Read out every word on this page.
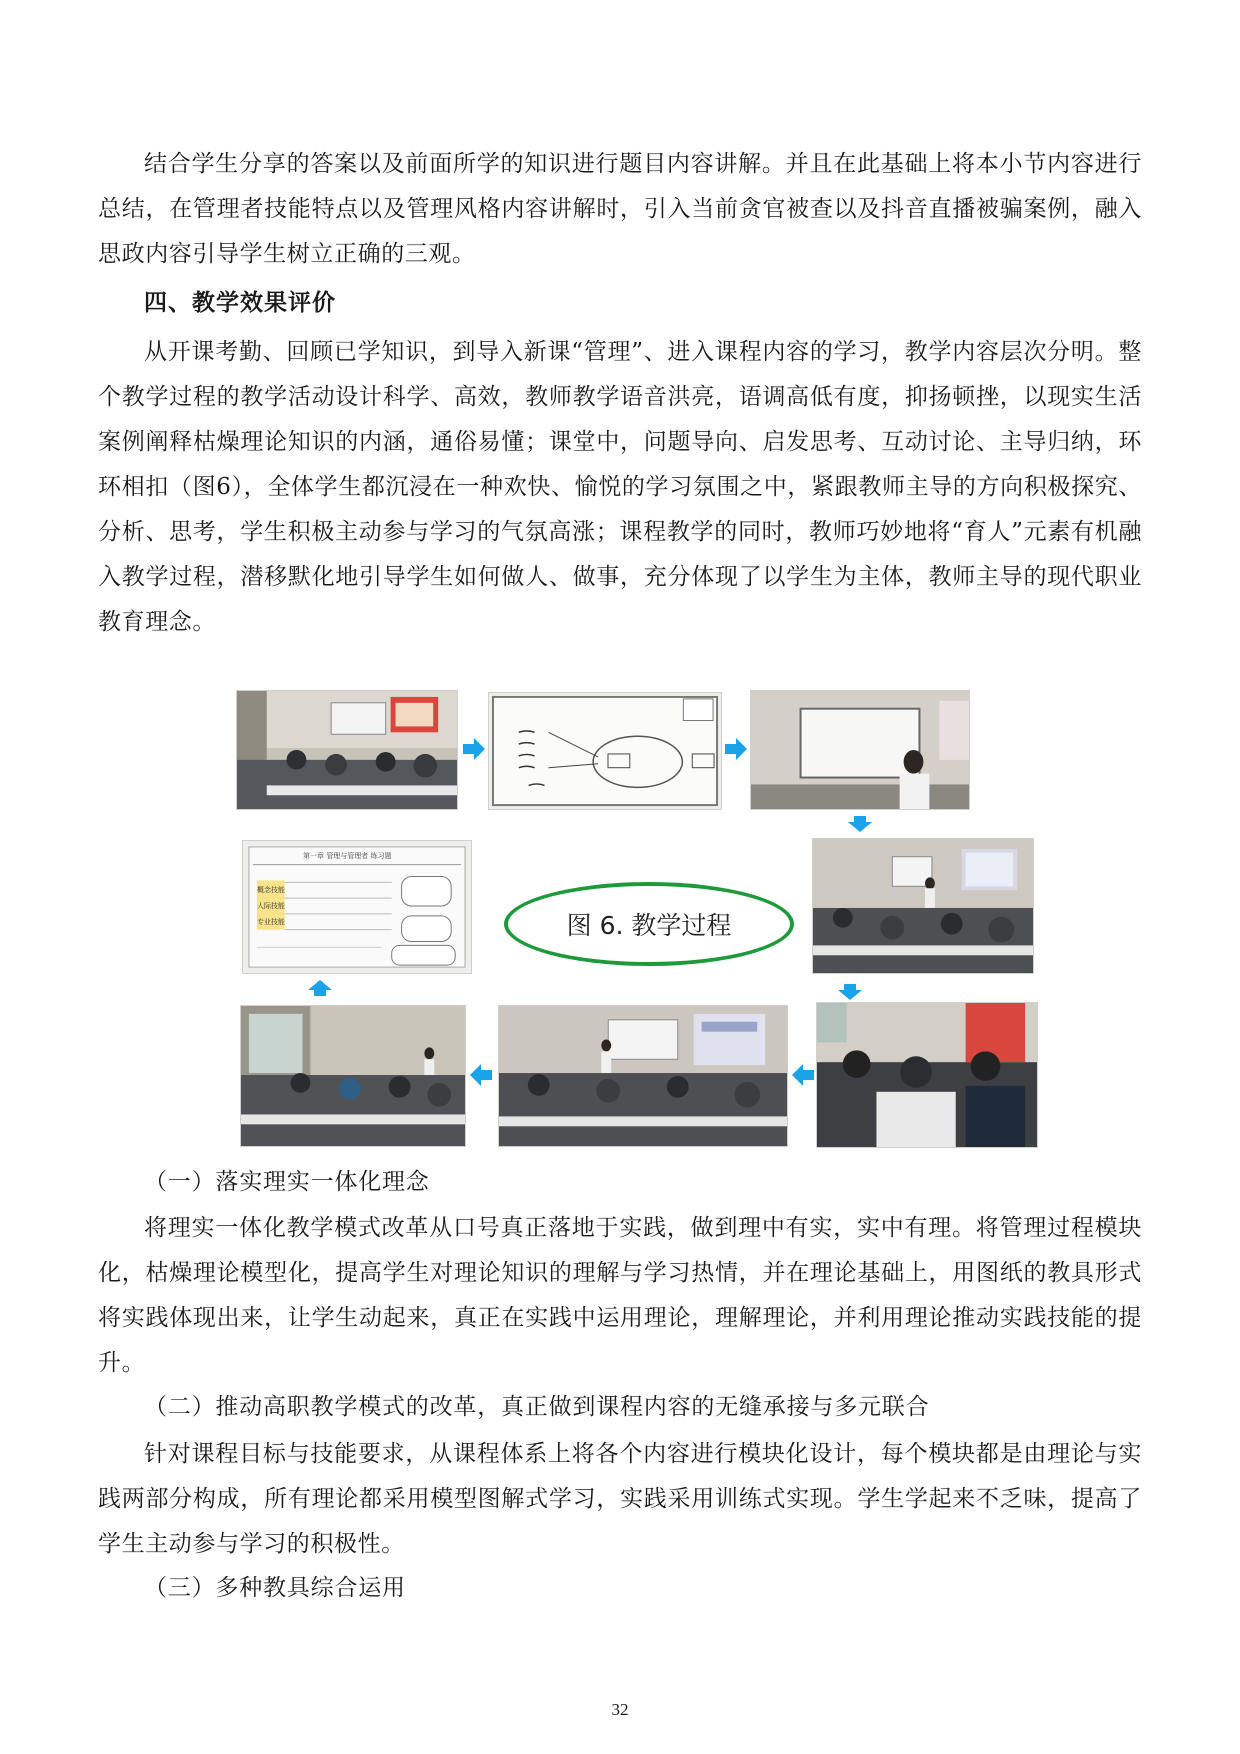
结合学生分享的答案以及前面所学的知识进行题目内容讲解。并且在此基础上将本小节内容进行总结，在管理者技能特点以及管理风格内容讲解时，引入当前贪官被查以及抖音直播被骗案例，融入思政内容引导学生树立正确的三观。

四、教学效果评价

从开课考勤、回顾已学知识，到导入新课“管理”、进入课程内容的学习，教学内容层次分明。整个教学过程的教学活动设计科学、高效，教师教学语音洪亮，语调高低有度，抑扬顿挫，以现实生活案例阐释枯燥理论知识的内涵，通俗易懂；课堂中，问题导向、启发思考、互动讨论、主导归纳，环环相扣（图6），全体学生都沉浸在一种欢快、愉悦的学习氛围之中，紧跟教师主导的方向积极探究、分析、思考，学生积极主动参与学习的气氛高涨；课程教学的同时，教师巧妙地将“育人”元素有机融入教学过程，潜移默化地引导学生如何做人、做事，充分体现了以学生为主体，教师主导的现代职业教育理念。

第一章 管理与管理者 练习题
概念技能
人际技能
专业技能	图 6. 教学过程

（一）落实理实一体化理念

将理实一体化教学模式改革从口号真正落地于实践，做到理中有实，实中有理。将管理过程模块化，枯燥理论模型化，提高学生对理论知识的理解与学习热情，并在理论基础上，用图纸的教具形式将实践体现出来，让学生动起来，真正在实践中运用理论，理解理论，并利用理论推动实践技能的提升。

（二）推动高职教学模式的改革，真正做到课程内容的无缝承接与多元联合

针对课程目标与技能要求，从课程体系上将各个内容进行模块化设计，每个模块都是由理论与实践两部分构成，所有理论都采用模型图解式学习，实践采用训练式实现。学生学起来不乏味，提高了学生主动参与学习的积极性。

（三）多种教具综合运用

32
